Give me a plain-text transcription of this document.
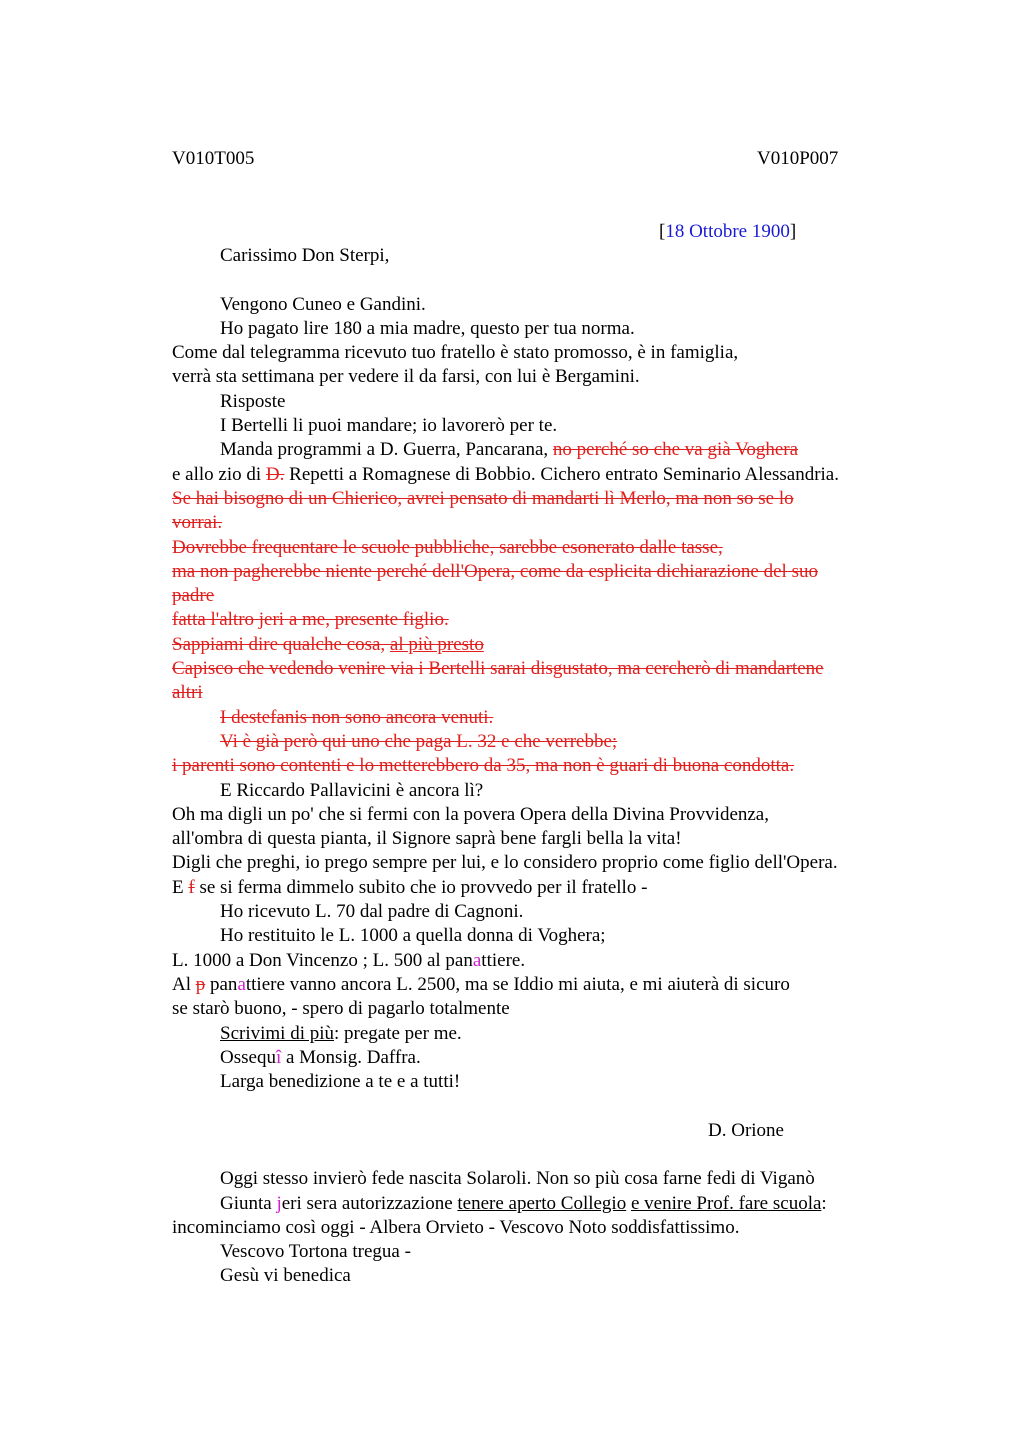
V010T005	V010P007
[18 Ottobre 1900]
Carissimo Don Sterpi,
Vengono Cuneo e Gandini.
Ho pagato lire 180 a mia madre, questo per tua norma.
Come dal telegramma ricevuto tuo fratello è stato promosso, è in famiglia,
verrà sta settimana per vedere il da farsi, con lui è Bergamini.
Risposte
I Bertelli li puoi mandare; io lavorerò per te.
Manda programmi a D. Guerra, Pancarana, no perché so che va già Voghera
e allo zio di D. Repetti a Romagnese di Bobbio. Cichero entrato Seminario Alessandria.
Se hai bisogno di un Chierico, avrei pensato di mandarti lì Merlo, ma non so se lo
vorrai.
Dovrebbe frequentare le scuole pubbliche, sarebbe esonerato dalle tasse,
ma non pagherebbe niente perché dell'Opera, come da esplicita dichiarazione del suo
padre
fatta l'altro jeri a me, presente figlio.
Sappiami dire qualche cosa, al più presto
Capisco che vedendo venire via i Bertelli sarai disgustato, ma cercherò di mandartene
altri
I destefanis non sono ancora venuti.
Vi è già però qui uno che paga L. 32 e che verrebbe;
i parenti sono contenti e lo metterebbero da 35, ma non è guari di buona condotta.
E Riccardo Pallavicini è ancora lì?
Oh ma digli un po' che si fermi con la povera Opera della Divina Provvidenza,
all'ombra di questa pianta, il Signore saprà bene fargli bella la vita!
Digli che preghi, io prego sempre per lui, e lo considero proprio come figlio dell'Opera.
E f se si ferma dimmelo subito che io provvedo per il fratello -
Ho ricevuto L. 70 dal padre di Cagnoni.
Ho restituito le L. 1000 a quella donna di Voghera;
L. 1000 a Don Vincenzo ; L. 500 al panattiere.
Al p panattiere vanno ancora L. 2500, ma se Iddio mi aiuta, e mi aiuterà di sicuro
se starò buono, - spero di pagarlo totalmente
Scrivimi di più: pregate per me.
Ossequî a Monsig. Daffra.
Larga benedizione a te e a tutti!
D. Orione
Oggi stesso invierò fede nascita Solaroli. Non so più cosa farne fedi di Viganò
Giunta jeri sera autorizzazione tenere aperto Collegio e venire Prof. fare scuola:
incominciamo così oggi - Albera Orvieto - Vescovo Noto soddisfattissimo.
Vescovo Tortona tregua -
Gesù vi benedica
